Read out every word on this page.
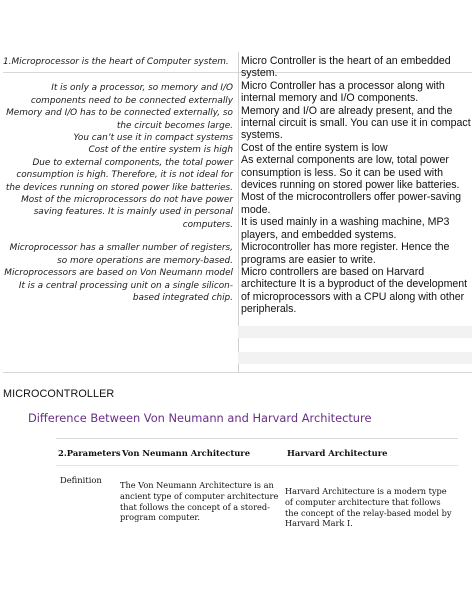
1.Microprocessor is the heart of Computer system.
It is only a processor, so memory and I/O components need to be connected externally
Memory and I/O has to be connected externally, so the circuit becomes large.
You can’t use it in compact systems
Cost of the entire system is high
Due to external components, the total power consumption is high. Therefore, it is not ideal for the devices running on stored power like batteries.
Most of the microprocessors do not have power saving features. It is mainly used in personal computers.
Microprocessor has a smaller number of registers, so more operations are memory-based.
Microprocessors are based on Von Neumann model
It is a central processing unit on a single silicon-based integrated chip.
Micro Controller is the heart of an embedded system.
Micro Controller has a processor along with internal memory and I/O components.
Memory and I/O are already present, and the internal circuit is small. You can use it in compact systems.
Cost of the entire system is low
As external components are low, total power consumption is less. So it can be used with devices running on stored power like batteries.
Most of the microcontrollers offer power-saving mode.
It is used mainly in a washing machine, MP3 players, and embedded systems.
Microcontroller has more register. Hence the programs are easier to write.
Micro controllers are based on Harvard architecture It is a byproduct of the development of microprocessors with a CPU along with other peripherals.
MICROCONTROLLER
Difference Between Von Neumann and Harvard Architecture
2.Parameters Von Neumann Architecture	Harvard Architecture
Definition The Von Neumann Architecture is an ancient type of computer architecture that follows the concept of a stored-program computer.
Harvard Architecture is a modern type of computer architecture that follows the concept of the relay-based model by Harvard Mark I.
